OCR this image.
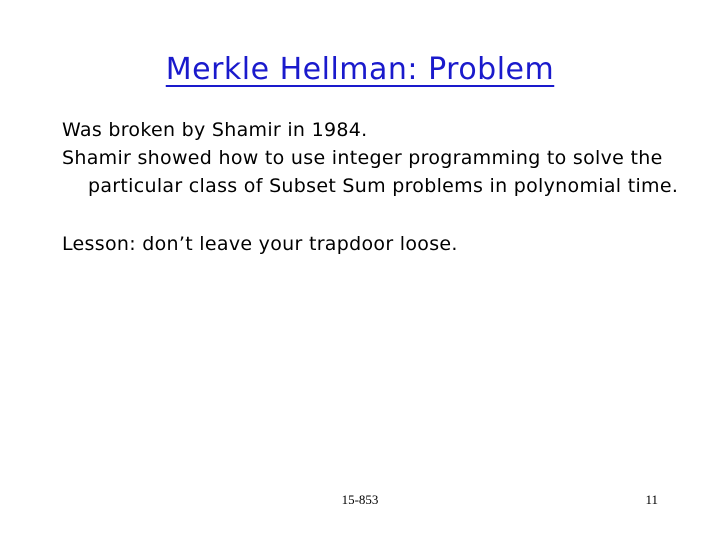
Merkle Hellman: Problem

Was broken by Shamir in 1984.

Shamir showed how to use integer programming to solve the particular class of Subset Sum problems in polynomial time.

Lesson: don’t leave your trapdoor loose.

15-853	11
